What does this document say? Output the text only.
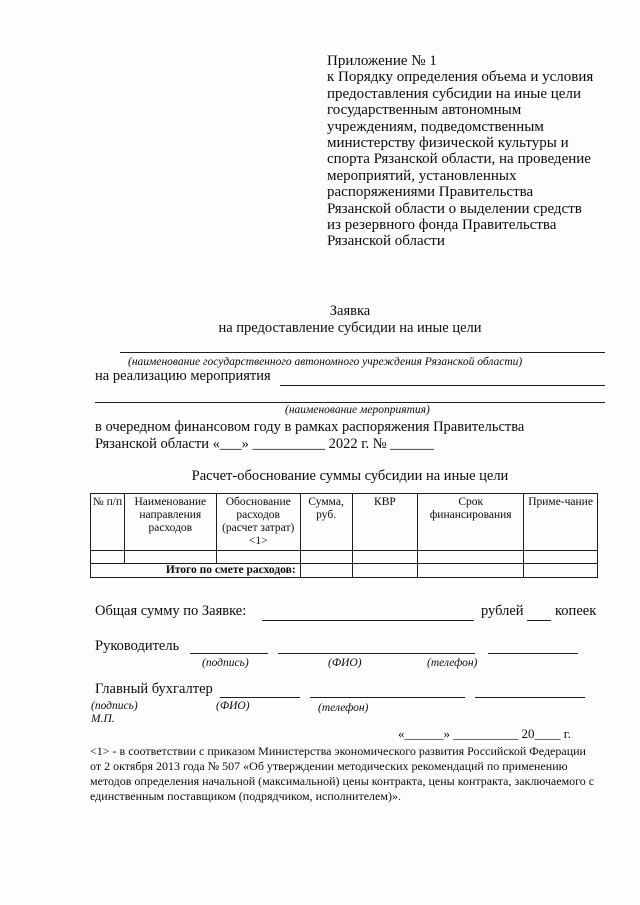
Приложение № 1
к Порядку определения объема и условия
предоставления субсидии на иные цели
государственным автономным
учреждениям, подведомственным
министерству физической культуры и
спорта Рязанской области, на проведение
мероприятий, установленных
распоряжениями Правительства
Рязанской области о выделении средств
из резервного фонда Правительства
Рязанской области
Заявка
на предоставление субсидии на иные цели
(наименование государственного автономного учреждения Рязанской области)
на реализацию мероприятия
(наименование мероприятия)
в очередном финансовом году в рамках распоряжения Правительства
Рязанской области «___» __________ 2022 г. № ______
Расчет-обоснование суммы субсидии на иные цели
№ п/п	Наименование направления расходов	Обоснование расходов (расчет затрат) <1>	Сумма, руб.	КВР	Срок финансирования	Приме-чание

Итого по смете расходов:						
Общая сумму по Заявке:	рублей копеек
Руководитель
(подпись)	(ФИО)	(телефон)
Главный бухгалтер
(подпись)	(ФИО)	(телефон)
М.П.
«______» __________ 20____ г.
<1> - в соответствии с приказом Министерства экономического развития Российской Федерации от 2 октября 2013 года № 507 «Об утверждении методических рекомендаций по применению методов определения начальной (максимальной) цены контракта, цены контракта, заключаемого с единственным поставщиком (подрядчиком, исполнителем)».
